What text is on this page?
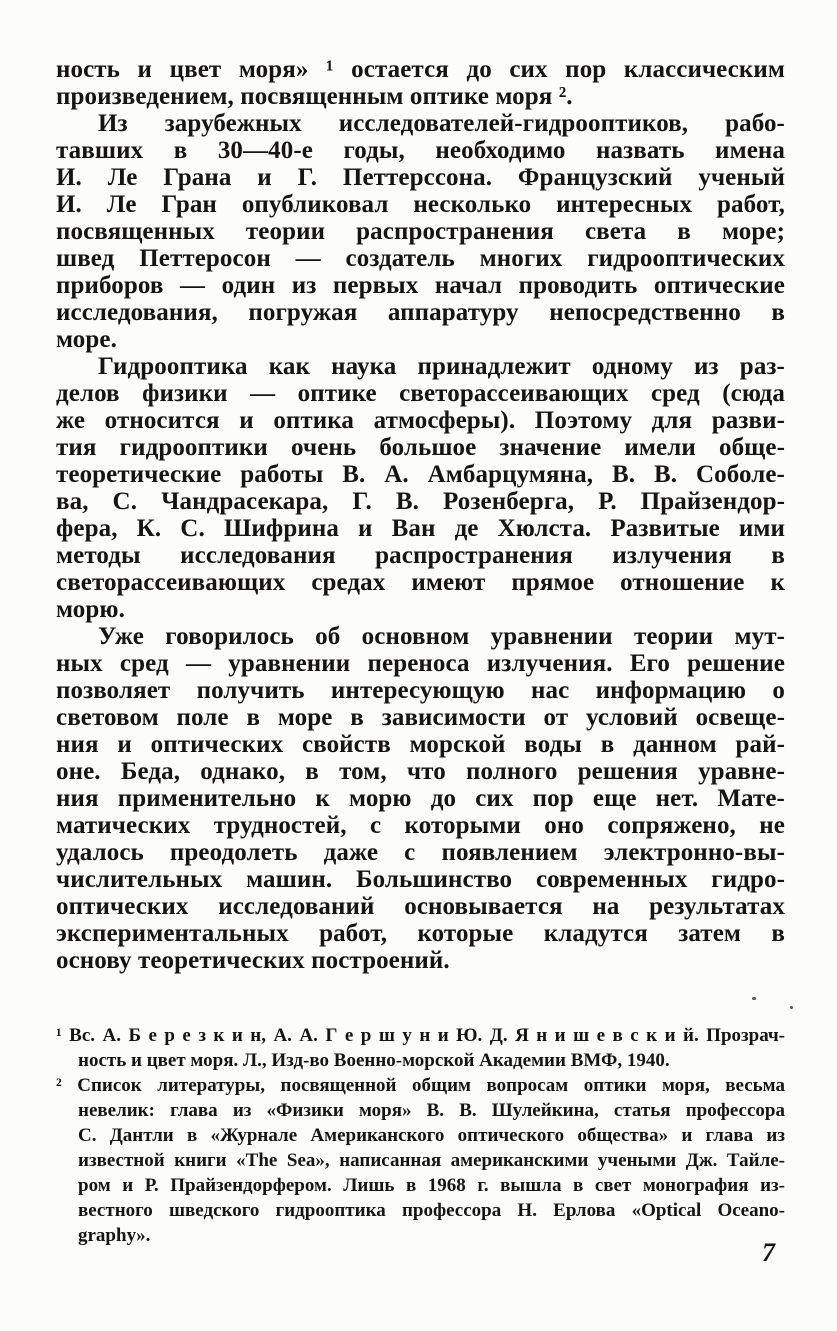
ность и цвет моря» ¹ остается до сих пор классическим
произведением, посвященным оптике моря ².
Из зарубежных исследователей-гидрооптиков, рабо-
тавших в 30—40-е годы, необходимо назвать имена
И. Ле Грана и Г. Петтерссона. Французский ученый
И. Ле Гран опубликовал несколько интересных работ,
посвященных теории распространения света в море;
швед Петтеросон — создатель многих гидрооптических
приборов — один из первых начал проводить оптические
исследования, погружая аппаратуру непосредственно в
море.
Гидрооптика как наука принадлежит одному из раз-
делов физики — оптике светорассеивающих сред (сюда
же относится и оптика атмосферы). Поэтому для разви-
тия гидрооптики очень большое значение имели обще-
теоретические работы В. А. Амбарцумяна, В. В. Соболе-
ва, С. Чандрасекара, Г. В. Розенберга, Р. Прайзендор-
фера, К. С. Шифрина и Ван де Хюлста. Развитые ими
методы исследования распространения излучения в
светорассеивающих средах имеют прямое отношение к
морю.
Уже говорилось об основном уравнении теории мут-
ных сред — уравнении переноса излучения. Его решение
позволяет получить интересующую нас информацию о
световом поле в море в зависимости от условий освеще-
ния и оптических свойств морской воды в данном рай-
оне. Беда, однако, в том, что полного решения уравне-
ния применительно к морю до сих пор еще нет. Мате-
матических трудностей, с которыми оно сопряжено, не
удалось преодолеть даже с появлением электронно-вы-
числительных машин. Большинство современных гидро-
оптических исследований основывается на результатах
экспериментальных работ, которые кладутся затем в
основу теоретических построений.
¹ Вс. А. Б е р е з к и н, А. А. Г е р ш у н и Ю. Д. Я н и ш е в с к и й. Прозрач-
ность и цвет моря. Л., Изд-во Военно-морской Академии ВМФ, 1940.
² Список литературы, посвященной общим вопросам оптики моря, весьма
невелик: глава из «Физики моря» В. В. Шулейкина, статья профессора
С. Дантли в «Журнале Американского оптического общества» и глава из
известной книги «The Sea», написанная американскими учеными Дж. Тайле-
ром и Р. Прайзендорфером. Лишь в 1968 г. вышла в свет монография из-
вестного шведского гидрооптика профессора Н. Ерлова «Optical Oceano-
graphy».
7
